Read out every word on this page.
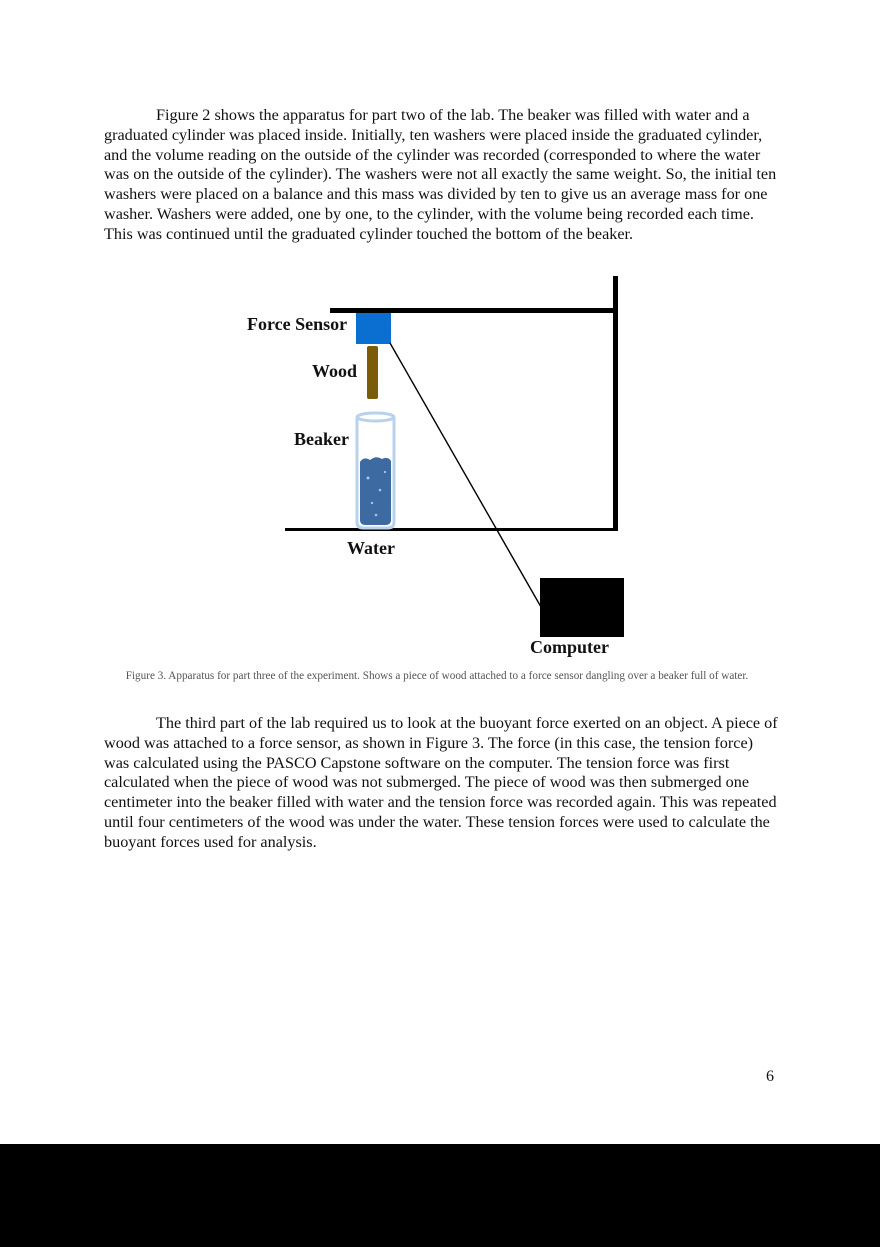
Figure 2 shows the apparatus for part two of the lab. The beaker was filled with water and a graduated cylinder was placed inside. Initially, ten washers were placed inside the graduated cylinder, and the volume reading on the outside of the cylinder was recorded (corresponded to where the water was on the outside of the cylinder). The washers were not all exactly the same weight. So, the initial ten washers were placed on a balance and this mass was divided by ten to give us an average mass for one washer. Washers were added, one by one, to the cylinder, with the volume being recorded each time. This was continued until the graduated cylinder touched the bottom of the beaker.

Force Sensor
Wood
Beaker
Water
Computer
Figure 3. Apparatus for part three of the experiment. Shows a piece of wood attached to a force sensor dangling over a beaker full of water.

The third part of the lab required us to look at the buoyant force exerted on an object. A piece of wood was attached to a force sensor, as shown in Figure 3. The force (in this case, the tension force) was calculated using the PASCO Capstone software on the computer. The tension force was first calculated when the piece of wood was not submerged. The piece of wood was then submerged one centimeter into the beaker filled with water and the tension force was recorded again. This was repeated until four centimeters of the wood was under the water. These tension forces were used to calculate the buoyant forces used for analysis.

6
